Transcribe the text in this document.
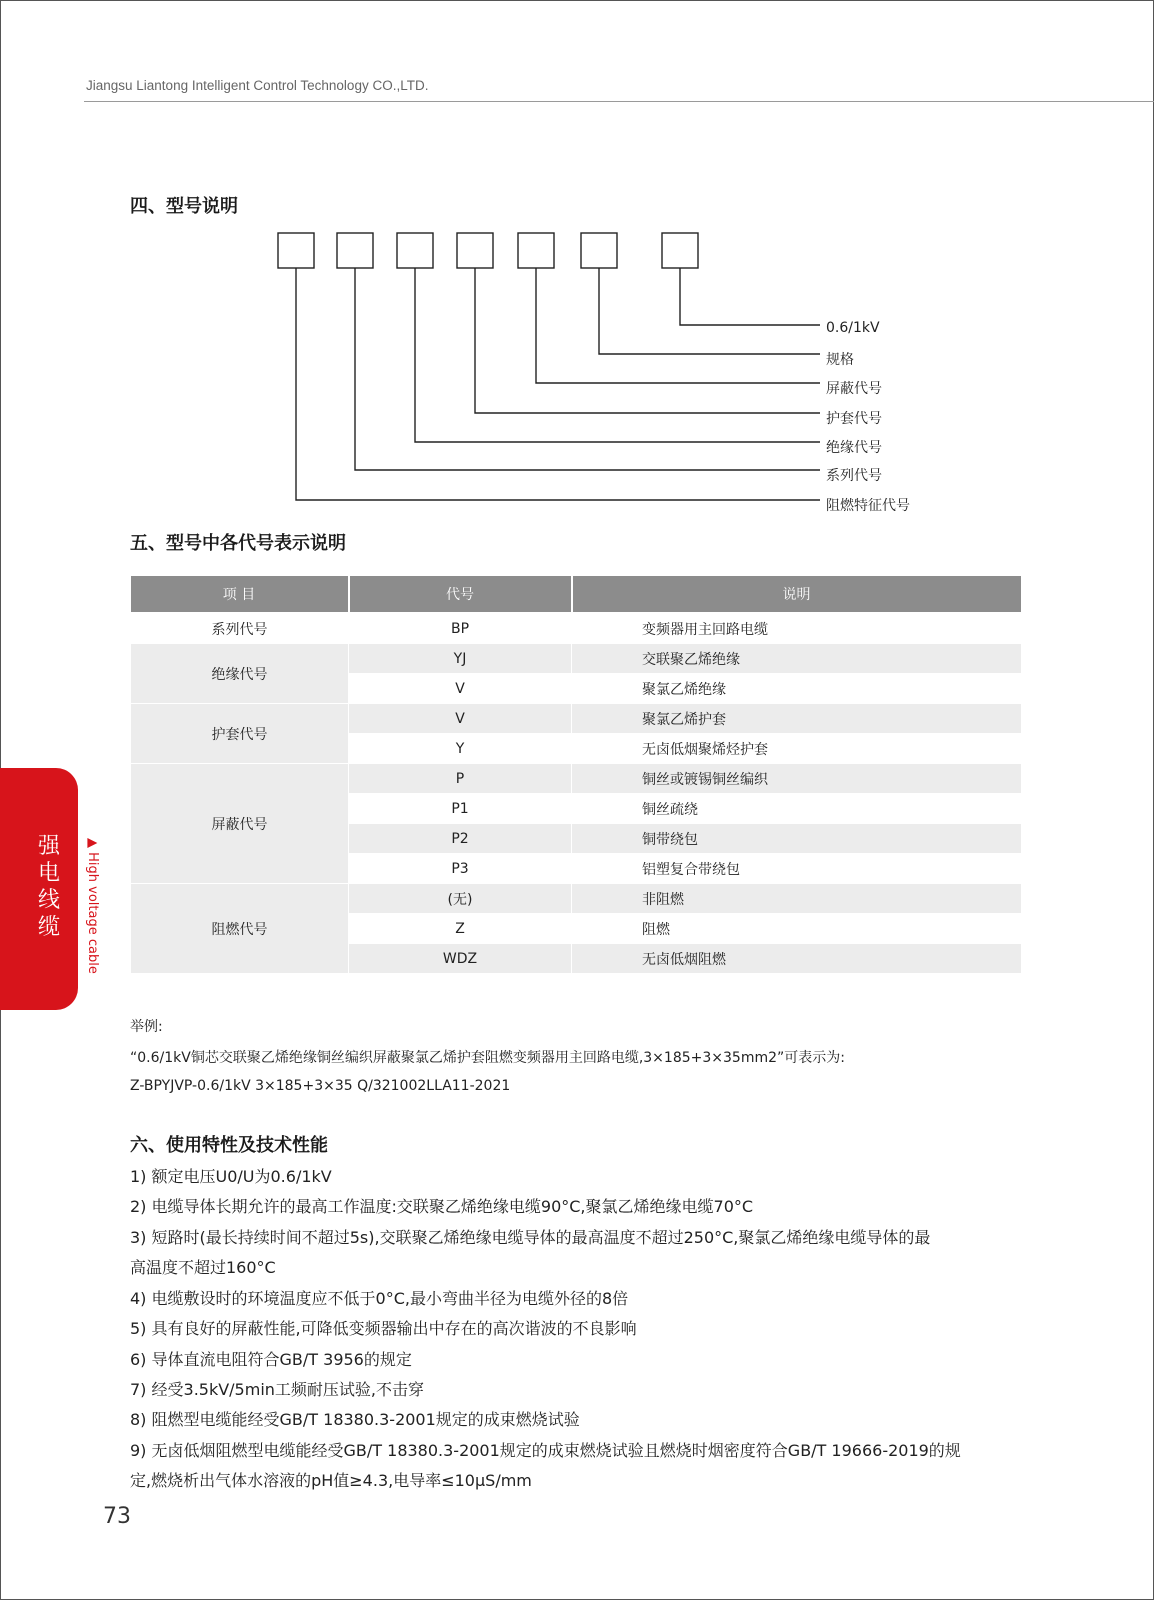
Jiangsu Liantong Intelligent Control Technology CO.,LTD.
四、型号说明
0.6/1kV
规格
屏蔽代号
护套代号
绝缘代号
系列代号
阻燃特征代号
五、型号中各代号表示说明
项 目	代号	说明
系列代号	BP	变频器用主回路电缆
绝缘代号	YJ	交联聚乙烯绝缘
	V	聚氯乙烯绝缘
护套代号	V	聚氯乙烯护套
	Y	无卤低烟聚烯烃护套
屏蔽代号	P	铜丝或镀锡铜丝编织
	P1	铜丝疏绕
	P2	铜带绕包
	P3	铝塑复合带绕包
阻燃代号	(无)	非阻燃
	Z	阻燃
	WDZ	无卤低烟阻燃
举例:
“0.6/1kV铜芯交联聚乙烯绝缘铜丝编织屏蔽聚氯乙烯护套阻燃变频器用主回路电缆,3×185+3×35mm2”可表示为:
Z-BPYJVP-0.6/1kV 3×185+3×35 Q/321002LLA11-2021
六、使用特性及技术性能
1) 额定电压U0/U为0.6/1kV
2) 电缆导体长期允许的最高工作温度:交联聚乙烯绝缘电缆90°C,聚氯乙烯绝缘电缆70°C
3) 短路时(最长持续时间不超过5s),交联聚乙烯绝缘电缆导体的最高温度不超过250°C,聚氯乙烯绝缘电缆导体的最
高温度不超过160°C
4) 电缆敷设时的环境温度应不低于0°C,最小弯曲半径为电缆外径的8倍
5) 具有良好的屏蔽性能,可降低变频器输出中存在的高次谐波的不良影响
6) 导体直流电阻符合GB/T 3956的规定
7) 经受3.5kV/5min工频耐压试验,不击穿
8) 阻燃型电缆能经受GB/T 18380.3-2001规定的成束燃烧试验
9) 无卤低烟阻燃型电缆能经受GB/T 18380.3-2001规定的成束燃烧试验且燃烧时烟密度符合GB/T 19666-2019的规
定,燃烧析出气体水溶液的pH值≥4.3,电导率≤10μS/mm
强电线缆	▲ High voltage cable
73
